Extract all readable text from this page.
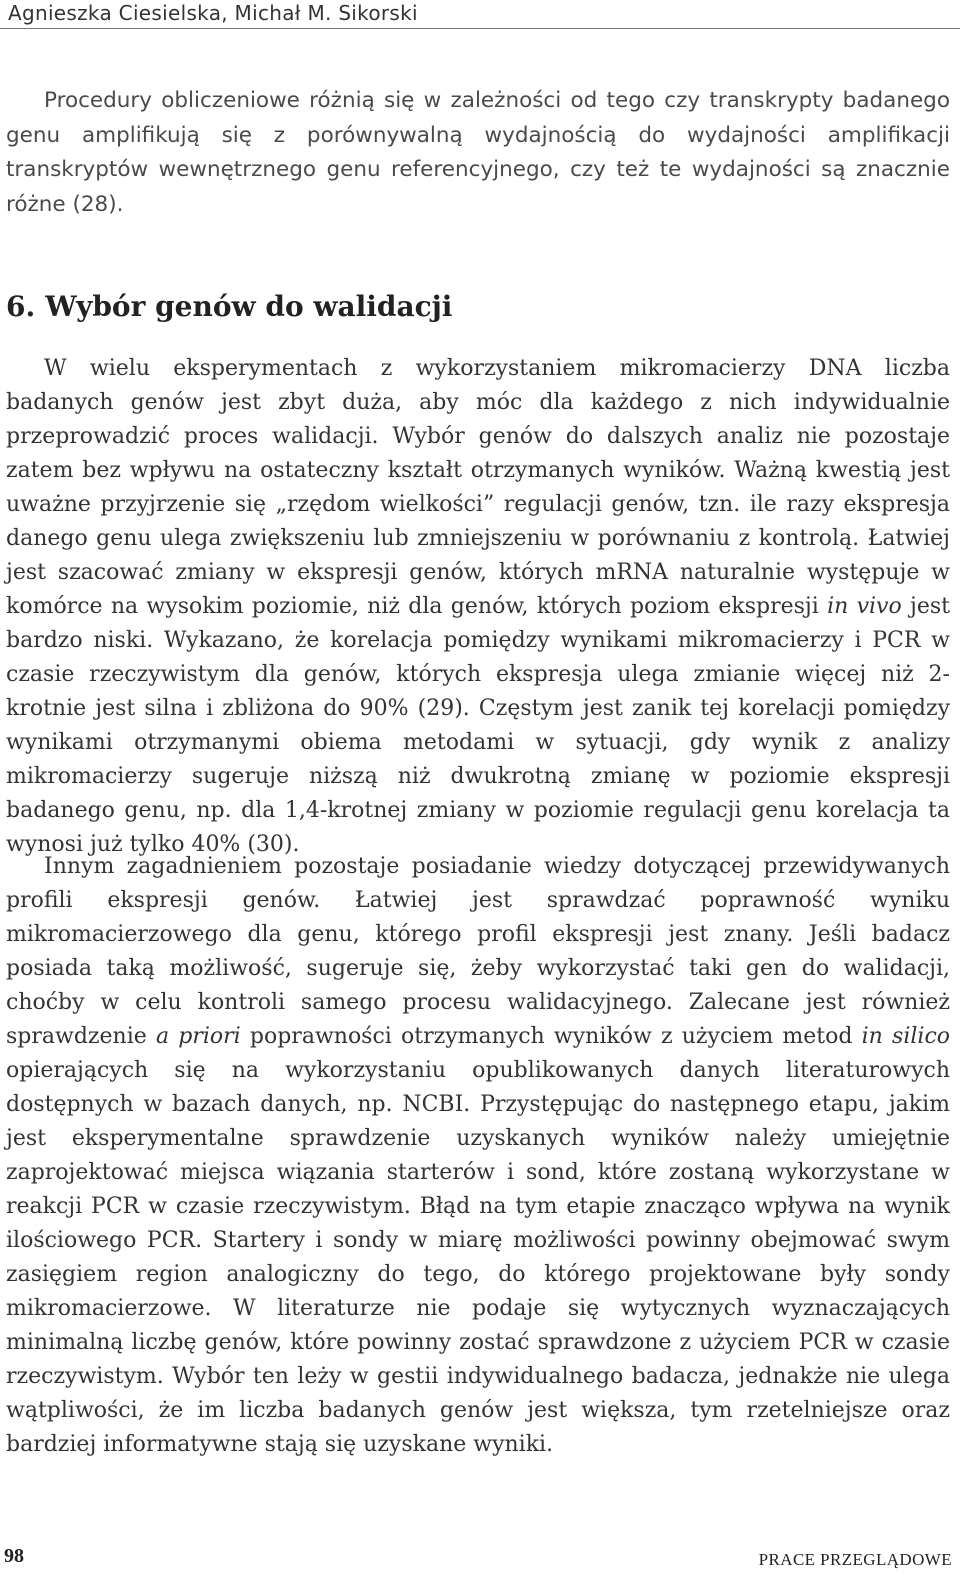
Agnieszka Ciesielska, Michał M. Sikorski

Procedury obliczeniowe różnią się w zależności od tego czy transkrypty badanego genu amplifikują się z porównywalną wydajnością do wydajności amplifikacji transkryptów wewnętrznego genu referencyjnego, czy też te wydajności są znacznie różne (28).

6. Wybór genów do walidacji

W wielu eksperymentach z wykorzystaniem mikromacierzy DNA liczba badanych genów jest zbyt duża, aby móc dla każdego z nich indywidualnie przeprowadzić proces walidacji. Wybór genów do dalszych analiz nie pozostaje zatem bez wpływu na ostateczny kształt otrzymanych wyników. Ważną kwestią jest uważne przyjrzenie się „rzędom wielkości” regulacji genów, tzn. ile razy ekspresja danego genu ulega zwiększeniu lub zmniejszeniu w porównaniu z kontrolą. Łatwiej jest szacować zmiany w ekspresji genów, których mRNA naturalnie występuje w komórce na wysokim poziomie, niż dla genów, których poziom ekspresji in vivo jest bardzo niski. Wykazano, że korelacja pomiędzy wynikami mikromacierzy i PCR w czasie rzeczywistym dla genów, których ekspresja ulega zmianie więcej niż 2-krotnie jest silna i zbliżona do 90% (29). Częstym jest zanik tej korelacji pomiędzy wynikami otrzymanymi obiema metodami w sytuacji, gdy wynik z analizy mikromacierzy sugeruje niższą niż dwukrotną zmianę w poziomie ekspresji badanego genu, np. dla 1,4-krotnej zmiany w poziomie regulacji genu korelacja ta wynosi już tylko 40% (30).

Innym zagadnieniem pozostaje posiadanie wiedzy dotyczącej przewidywanych profili ekspresji genów. Łatwiej jest sprawdzać poprawność wyniku mikromacierzowego dla genu, którego profil ekspresji jest znany. Jeśli badacz posiada taką możliwość, sugeruje się, żeby wykorzystać taki gen do walidacji, choćby w celu kontroli samego procesu walidacyjnego. Zalecane jest również sprawdzenie a priori poprawności otrzymanych wyników z użyciem metod in silico opierających się na wykorzystaniu opublikowanych danych literaturowych dostępnych w bazach danych, np. NCBI. Przystępując do następnego etapu, jakim jest eksperymentalne sprawdzenie uzyskanych wyników należy umiejętnie zaprojektować miejsca wiązania starterów i sond, które zostaną wykorzystane w reakcji PCR w czasie rzeczywistym. Błąd na tym etapie znacząco wpływa na wynik ilościowego PCR. Startery i sondy w miarę możliwości powinny obejmować swym zasięgiem region analogiczny do tego, do którego projektowane były sondy mikromacierzowe. W literaturze nie podaje się wytycznych wyznaczających minimalną liczbę genów, które powinny zostać sprawdzone z użyciem PCR w czasie rzeczywistym. Wybór ten leży w gestii indywidualnego badacza, jednakże nie ulega wątpliwości, że im liczba badanych genów jest większa, tym rzetelniejsze oraz bardziej informatywne stają się uzyskane wyniki.

98	PRACE PRZEGLĄDOWE
